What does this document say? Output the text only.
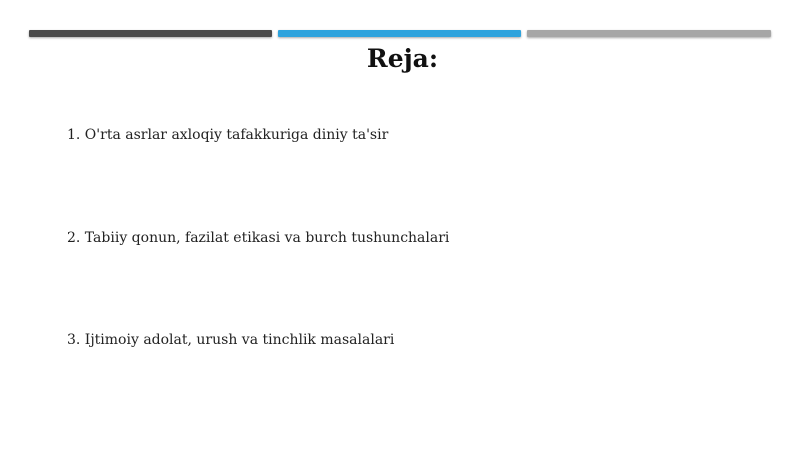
Reja:
1. O'rta asrlar axloqiy tafakkuriga diniy ta'sir
2. Tabiiy qonun, fazilat etikasi va burch tushunchalari
3. Ijtimoiy adolat, urush va tinchlik masalalari
